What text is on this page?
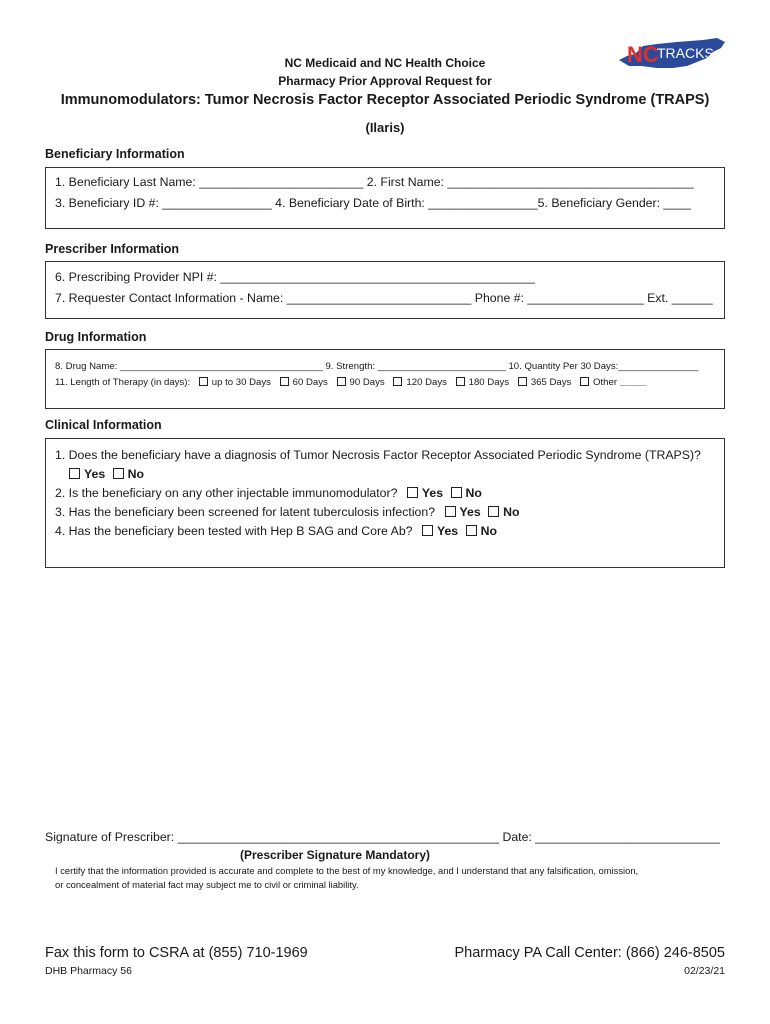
NC
TRACKS
NC Medicaid and NC Health Choice
Pharmacy Prior Approval Request for
Immunomodulators: Tumor Necrosis Factor Receptor Associated Periodic Syndrome (TRAPS)
(Ilaris)
Beneficiary Information
1. Beneficiary Last Name: ________________________ 2. First Name: ____________________________________
3. Beneficiary ID #: ________________ 4. Beneficiary Date of Birth: ________________5. Beneficiary Gender: ____
Prescriber Information
6. Prescribing Provider NPI #: ______________________________________________
7. Requester Contact Information - Name: ___________________________ Phone #: _________________ Ext. ______
Drug Information
8. Drug Name: ______________________________________ 9. Strength: ________________________ 10. Quantity Per 30 Days:_______________
11. Length of Therapy (in days): up to 30 Days 60 Days 90 Days 120 Days 180 Days 365 Days Other _____
Clinical Information
1. Does the beneficiary have a diagnosis of Tumor Necrosis Factor Receptor Associated Periodic Syndrome (TRAPS)?
Yes No
2. Is the beneficiary on any other injectable immunomodulator? Yes No
3. Has the beneficiary been screened for latent tuberculosis infection? Yes No
4. Has the beneficiary been tested with Hep B SAG and Core Ab? Yes No
Signature of Prescriber: _______________________________________________ Date: ___________________________
(Prescriber Signature Mandatory)
I certify that the information provided is accurate and complete to the best of my knowledge, and I understand that any falsification, omission,
or concealment of material fact may subject me to civil or criminal liability.
Fax this form to CSRA at (855) 710-1969	Pharmacy PA Call Center: (866) 246-8505
DHB Pharmacy 56	02/23/21
